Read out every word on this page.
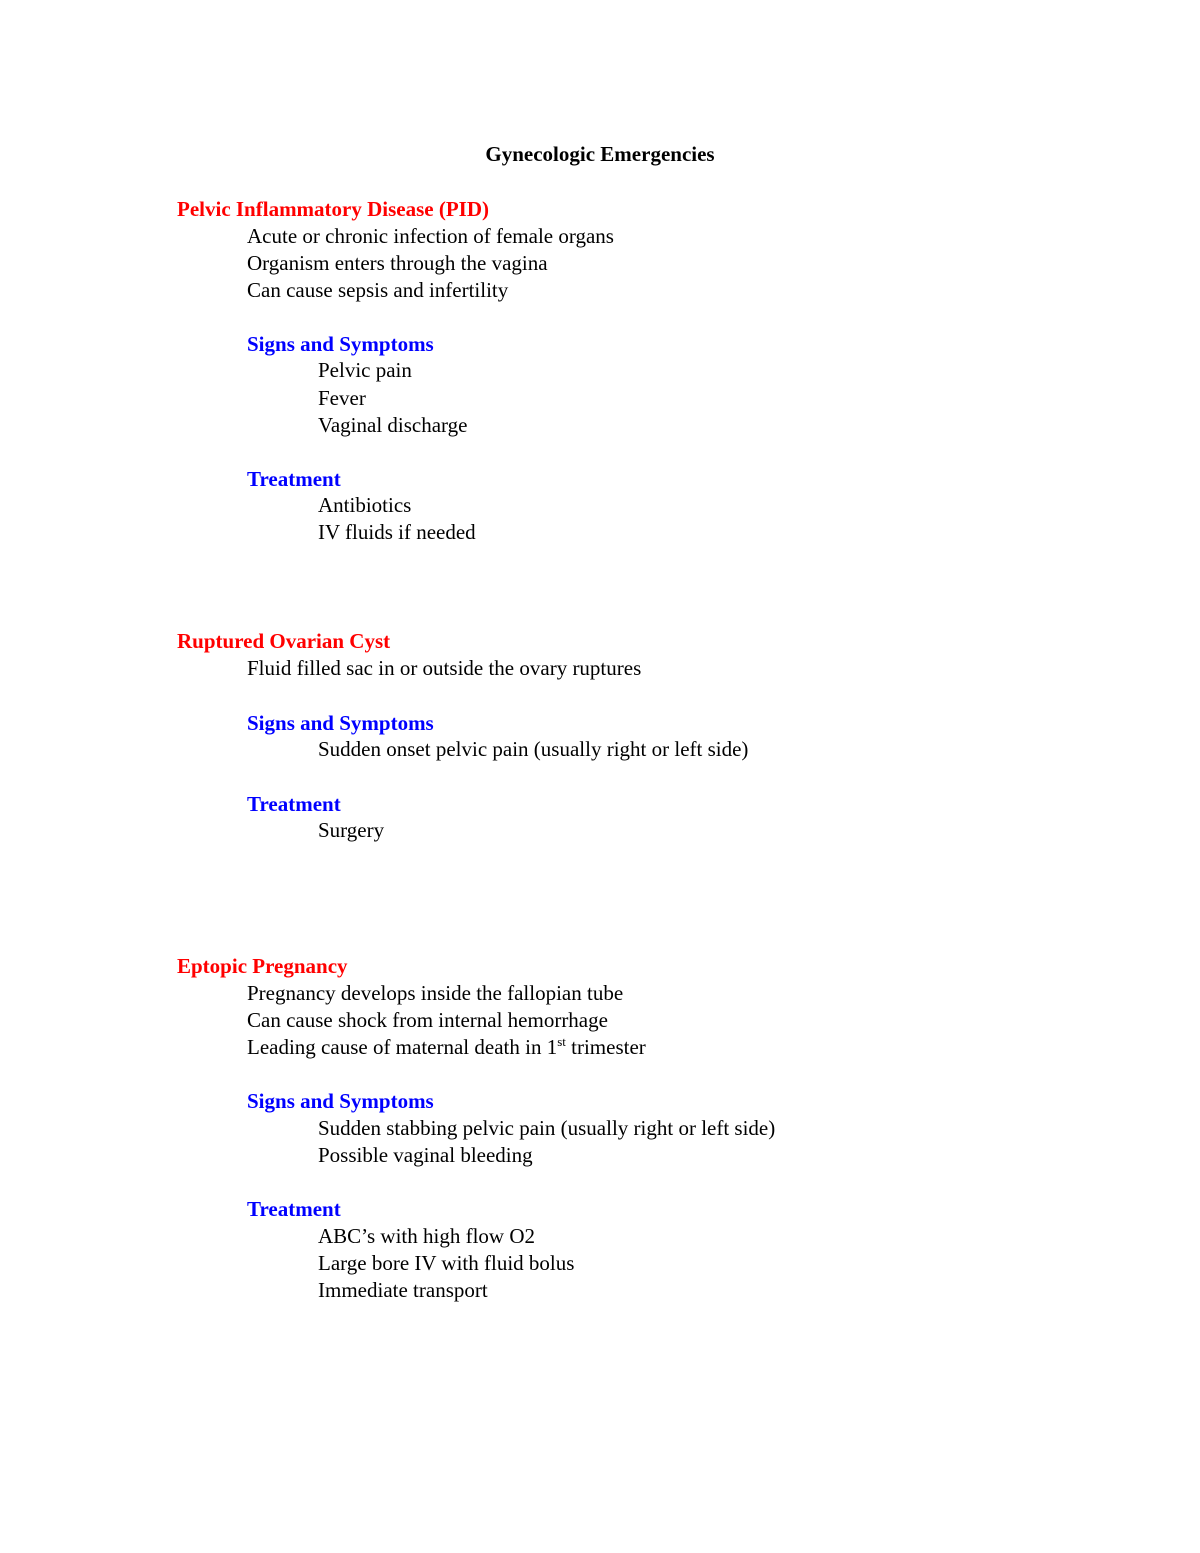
Gynecologic Emergencies
Pelvic Inflammatory Disease (PID)
Acute or chronic infection of female organs
Organism enters through the vagina
Can cause sepsis and infertility
Signs and Symptoms
Pelvic pain
Fever
Vaginal discharge
Treatment
Antibiotics
IV fluids if needed
Ruptured Ovarian Cyst
Fluid filled sac in or outside the ovary ruptures
Signs and Symptoms
Sudden onset pelvic pain (usually right or left side)
Treatment
Surgery
Eptopic Pregnancy
Pregnancy develops inside the fallopian tube
Can cause shock from internal hemorrhage
Leading cause of maternal death in 1st trimester
Signs and Symptoms
Sudden stabbing pelvic pain (usually right or left side)
Possible vaginal bleeding
Treatment
ABC’s with high flow O2
Large bore IV with fluid bolus
Immediate transport
